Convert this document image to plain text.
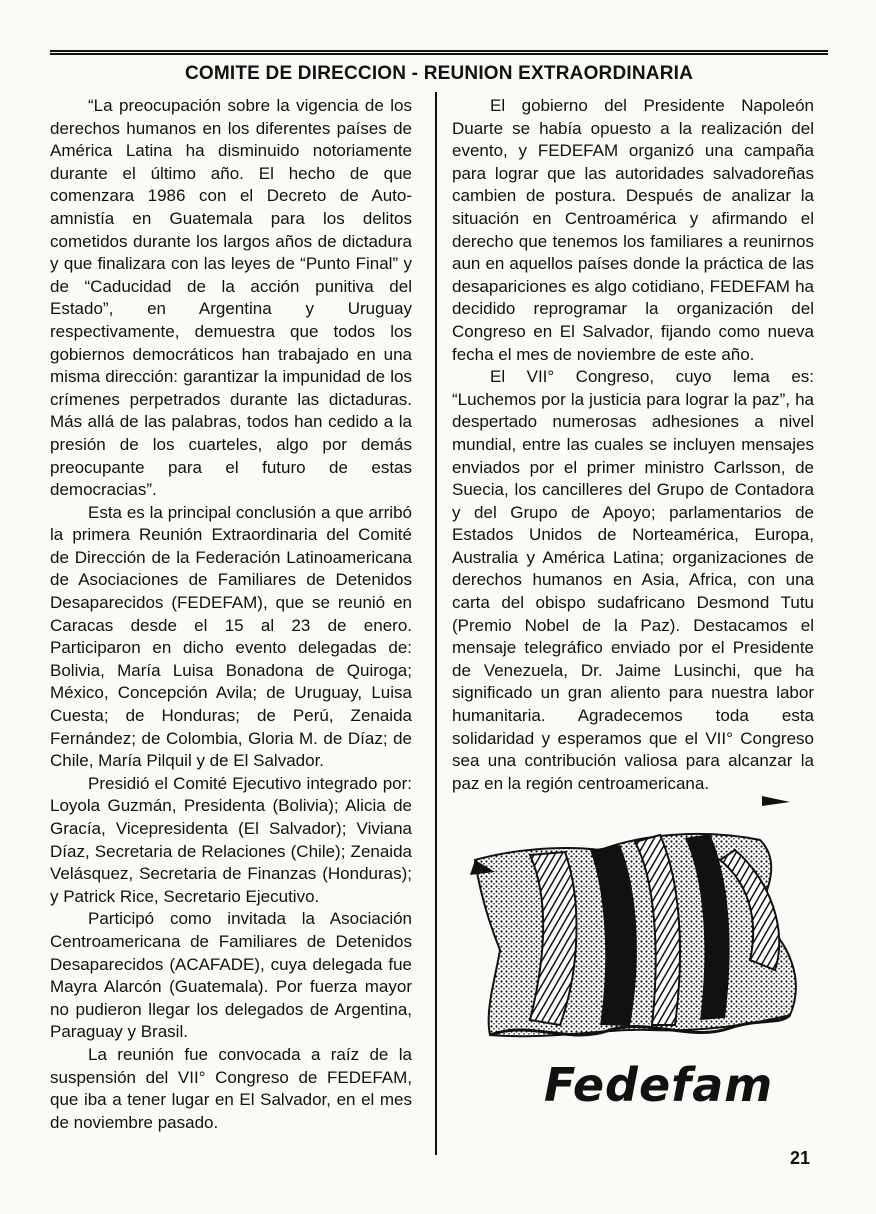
COMITE DE DIRECCION - REUNION EXTRAORDINARIA

“La preocupación sobre la vigencia de los derechos humanos en los diferentes países de América Latina ha disminuido notoriamente durante el último año. El hecho de que comenzara 1986 con el Decreto de Auto-amnistía en Guatemala para los delitos cometidos durante los largos años de dictadura y que finalizara con las leyes de “Punto Final” y de “Caducidad de la acción punitiva del Estado”, en Argentina y Uruguay respectivamente, demuestra que todos los gobiernos democráticos han trabajado en una misma dirección: garantizar la impunidad de los crímenes perpetrados durante las dictaduras. Más allá de las palabras, todos han cedido a la presión de los cuarteles, algo por demás preocupante para el futuro de estas democracias”.

Esta es la principal conclusión a que arribó la primera Reunión Extraordinaria del Comité de Dirección de la Federación Latinoamericana de Asociaciones de Familiares de Detenidos Desaparecidos (FEDEFAM), que se reunió en Caracas desde el 15 al 23 de enero. Participaron en dicho evento delegadas de: Bolivia, María Luisa Bonadona de Quiroga; México, Concepción Avila; de Uruguay, Luisa Cuesta; de Honduras; de Perú, Zenaida Fernández; de Colombia, Gloria M. de Díaz; de Chile, María Pilquil y de El Salvador.

Presidió el Comité Ejecutivo integrado por: Loyola Guzmán, Presidenta (Bolivia); Alicia de Gracía, Vicepresidenta (El Salvador); Viviana Díaz, Secretaria de Relaciones (Chile); Zenaida Velásquez, Secretaria de Finanzas (Honduras); y Patrick Rice, Secretario Ejecutivo.

Participó como invitada la Asociación Centroamericana de Familiares de Detenidos Desaparecidos (ACAFADE), cuya delegada fue Mayra Alarcón (Guatemala). Por fuerza mayor no pudieron llegar los delegados de Argentina, Paraguay y Brasil.

La reunión fue convocada a raíz de la suspensión del VII° Congreso de FEDEFAM, que iba a tener lugar en El Salvador, en el mes de noviembre pasado.

El gobierno del Presidente Napoleón Duarte se había opuesto a la realización del evento, y FEDEFAM organizó una campaña para lograr que las autoridades salvadoreñas cambien de postura. Después de analizar la situación en Centroamérica y afirmando el derecho que tenemos los familiares a reunirnos aun en aquellos países donde la práctica de las desapariciones es algo cotidiano, FEDEFAM ha decidido reprogramar la organización del Congreso en El Salvador, fijando como nueva fecha el mes de noviembre de este año.

El VII° Congreso, cuyo lema es: “Luchemos por la justicia para lograr la paz”, ha despertado numerosas adhesiones a nivel mundial, entre las cuales se incluyen mensajes enviados por el primer ministro Carlsson, de Suecia, los cancilleres del Grupo de Contadora y del Grupo de Apoyo; parlamentarios de Estados Unidos de Norteamérica, Europa, Australia y América Latina; organizaciones de derechos humanos en Asia, Africa, con una carta del obispo sudafricano Desmond Tutu (Premio Nobel de la Paz). Destacamos el mensaje telegráfico enviado por el Presidente de Venezuela, Dr. Jaime Lusinchi, que ha significado un gran aliento para nuestra labor humanitaria. Agradecemos toda esta solidaridad y esperamos que el VII° Congreso sea una contribución valiosa para alcanzar la paz en la región centroamericana.

Fedefam
21
